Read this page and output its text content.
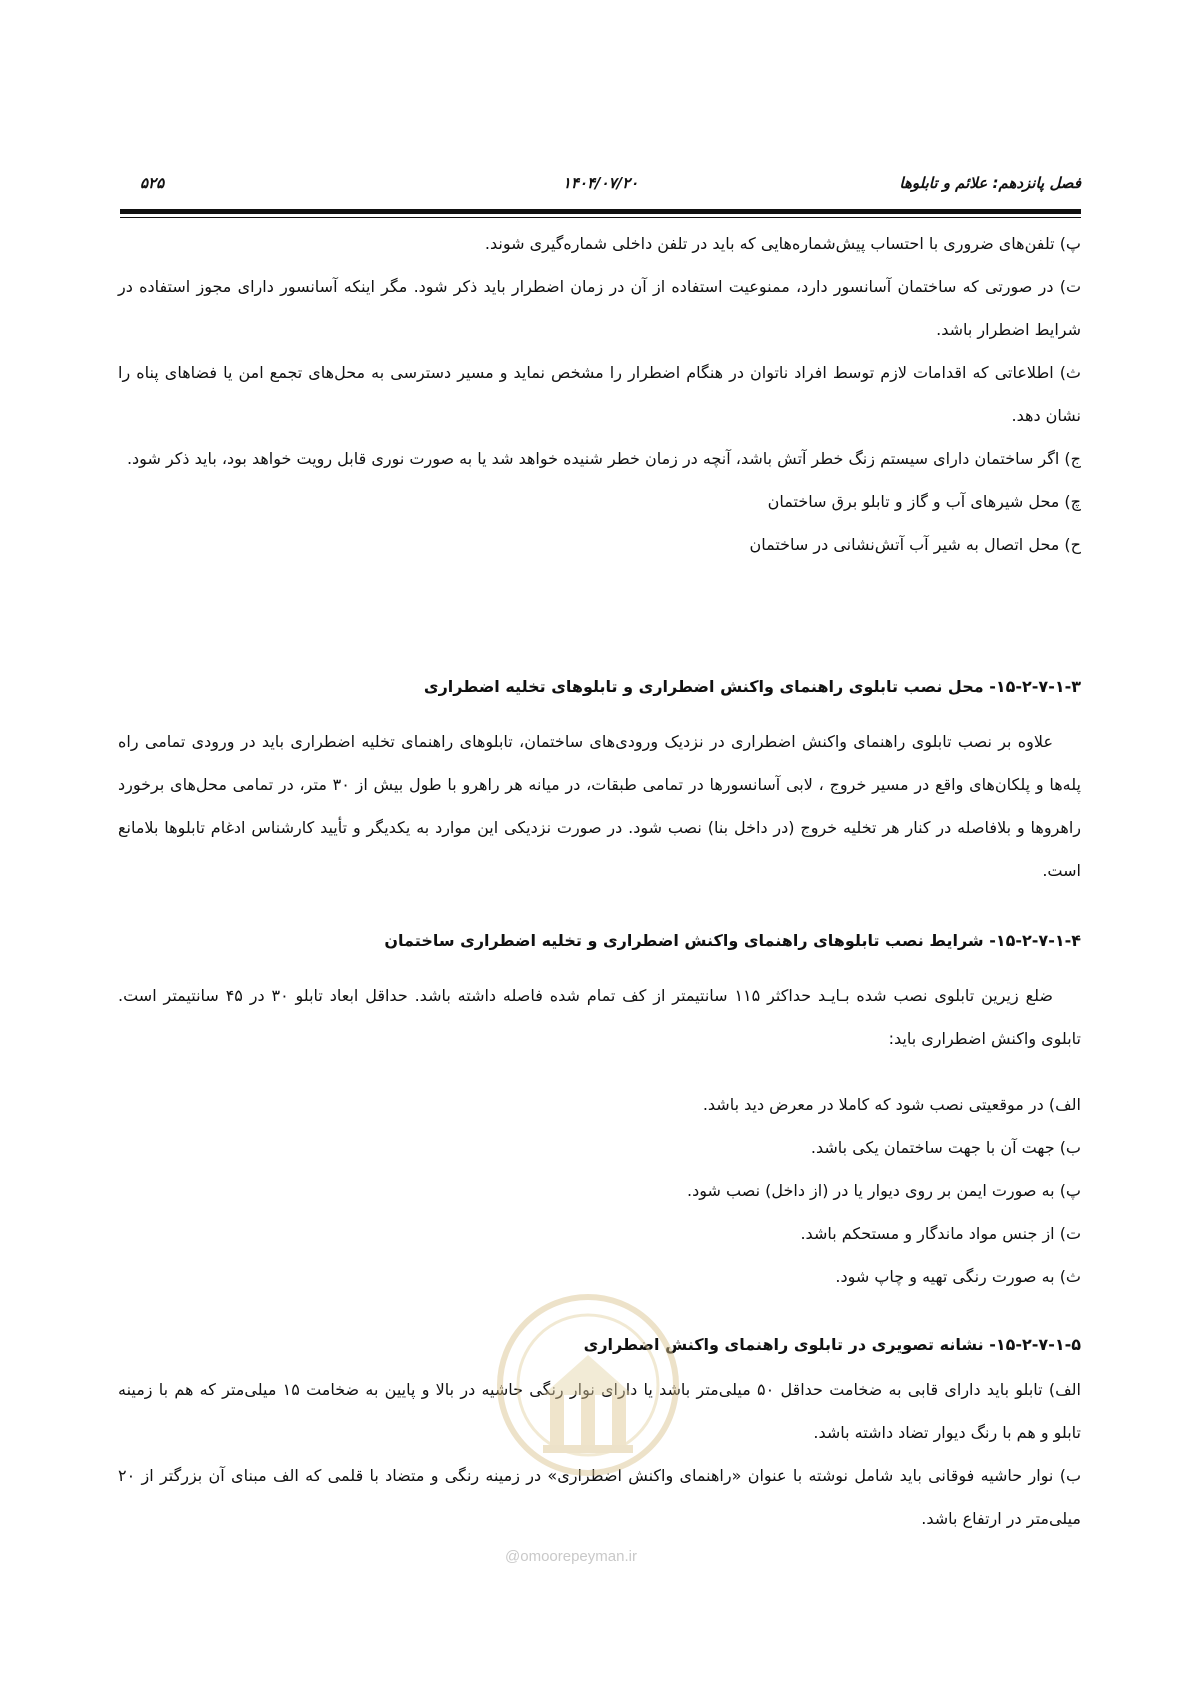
فصل پانزدهم: علائم و تابلوها
۱۴۰۴/۰۷/۲۰
۵۲۵

پ) تلفن‌های ضروری با احتساب پیش‌شماره‌هایی که باید در تلفن داخلی شماره‌گیری شوند.

ت) در صورتی که ساختمان آسانسور دارد، ممنوعیت استفاده از آن در زمان اضطرار باید ذکر شود. مگر اینکه آسانسور دارای مجوز استفاده در شرایط اضطرار باشد.

ث) اطلاعاتی که اقدامات لازم توسط افراد ناتوان در هنگام اضطرار را مشخص نماید و مسیر دسترسی به محل‌های تجمع امن یا فضاهای پناه را نشان دهد.

ج) اگر ساختمان دارای سیستم زنگ خطر آتش باشد، آنچه در زمان خطر شنیده خواهد شد یا به صورت نوری قابل رویت خواهد بود، باید ذکر شود.

چ) محل شیرهای آب و گاز و تابلو برق ساختمان

ح) محل اتصال به شیر آب آتش‌نشانی در ساختمان

۱۵-۲-۷-۱-۳- محل نصب تابلوی راهنمای واکنش اضطراری و تابلوهای تخلیه اضطراری
علاوه بر نصب تابلوی راهنمای واکنش اضطراری در نزدیک ورودی‌های ساختمان، تابلوهای راهنمای تخلیه اضطراری باید در ورودی تمامی راه پله‌ها و پلکان‌های واقع در مسیر خروج ، لابی آسانسورها در تمامی طبقات، در میانه هر راهرو با طول بیش از ۳۰ متر، در تمامی محل‌های برخورد راهروها و بلافاصله در کنار هر تخلیه خروج (در داخل بنا) نصب شود. در صورت نزدیکی این موارد به یکدیگر و تأیید کارشناس ادغام تابلوها بلامانع است.
۱۵-۲-۷-۱-۴- شرایط نصب تابلوهای راهنمای واکنش اضطراری و تخلیه اضطراری ساختمان
ضلع زیرین تابلوی نصب شده بـایـد حداکثر ۱۱۵ سانتیمتر از کف تمام شده فاصله داشته باشد. حداقل ابعاد تابلو ۳۰ در ۴۵ سانتیمتر است. تابلوی واکنش اضطراری باید:

الف) در موقعیتی نصب شود که کاملا در معرض دید باشد.

ب) جهت آن با جهت ساختمان یکی باشد.

پ) به صورت ایمن بر روی دیوار یا در (از داخل) نصب شود.

ت) از جنس مواد ماندگار و مستحکم باشد.

ث) به صورت رنگی تهیه و چاپ شود.

۱۵-۲-۷-۱-۵- نشانه تصویری در تابلوی راهنمای واکنش اضطراری

الف) تابلو باید دارای قابی به ضخامت حداقل ۵۰ میلی‌متر باشد یا دارای نوار رنگی حاشیه در بالا و پایین به ضخامت ۱۵ میلی‌متر که هم با زمینه تابلو و هم با رنگ دیوار تضاد داشته باشد.

ب) نوار حاشیه فوقانی باید شامل نوشته با عنوان «راهنمای واکنش اضطراری» در زمینه رنگی و متضاد با قلمی که الف مبنای آن بزرگتر از ۲۰ میلی‌متر در ارتفاع باشد.

@omoorepeyman.ir
